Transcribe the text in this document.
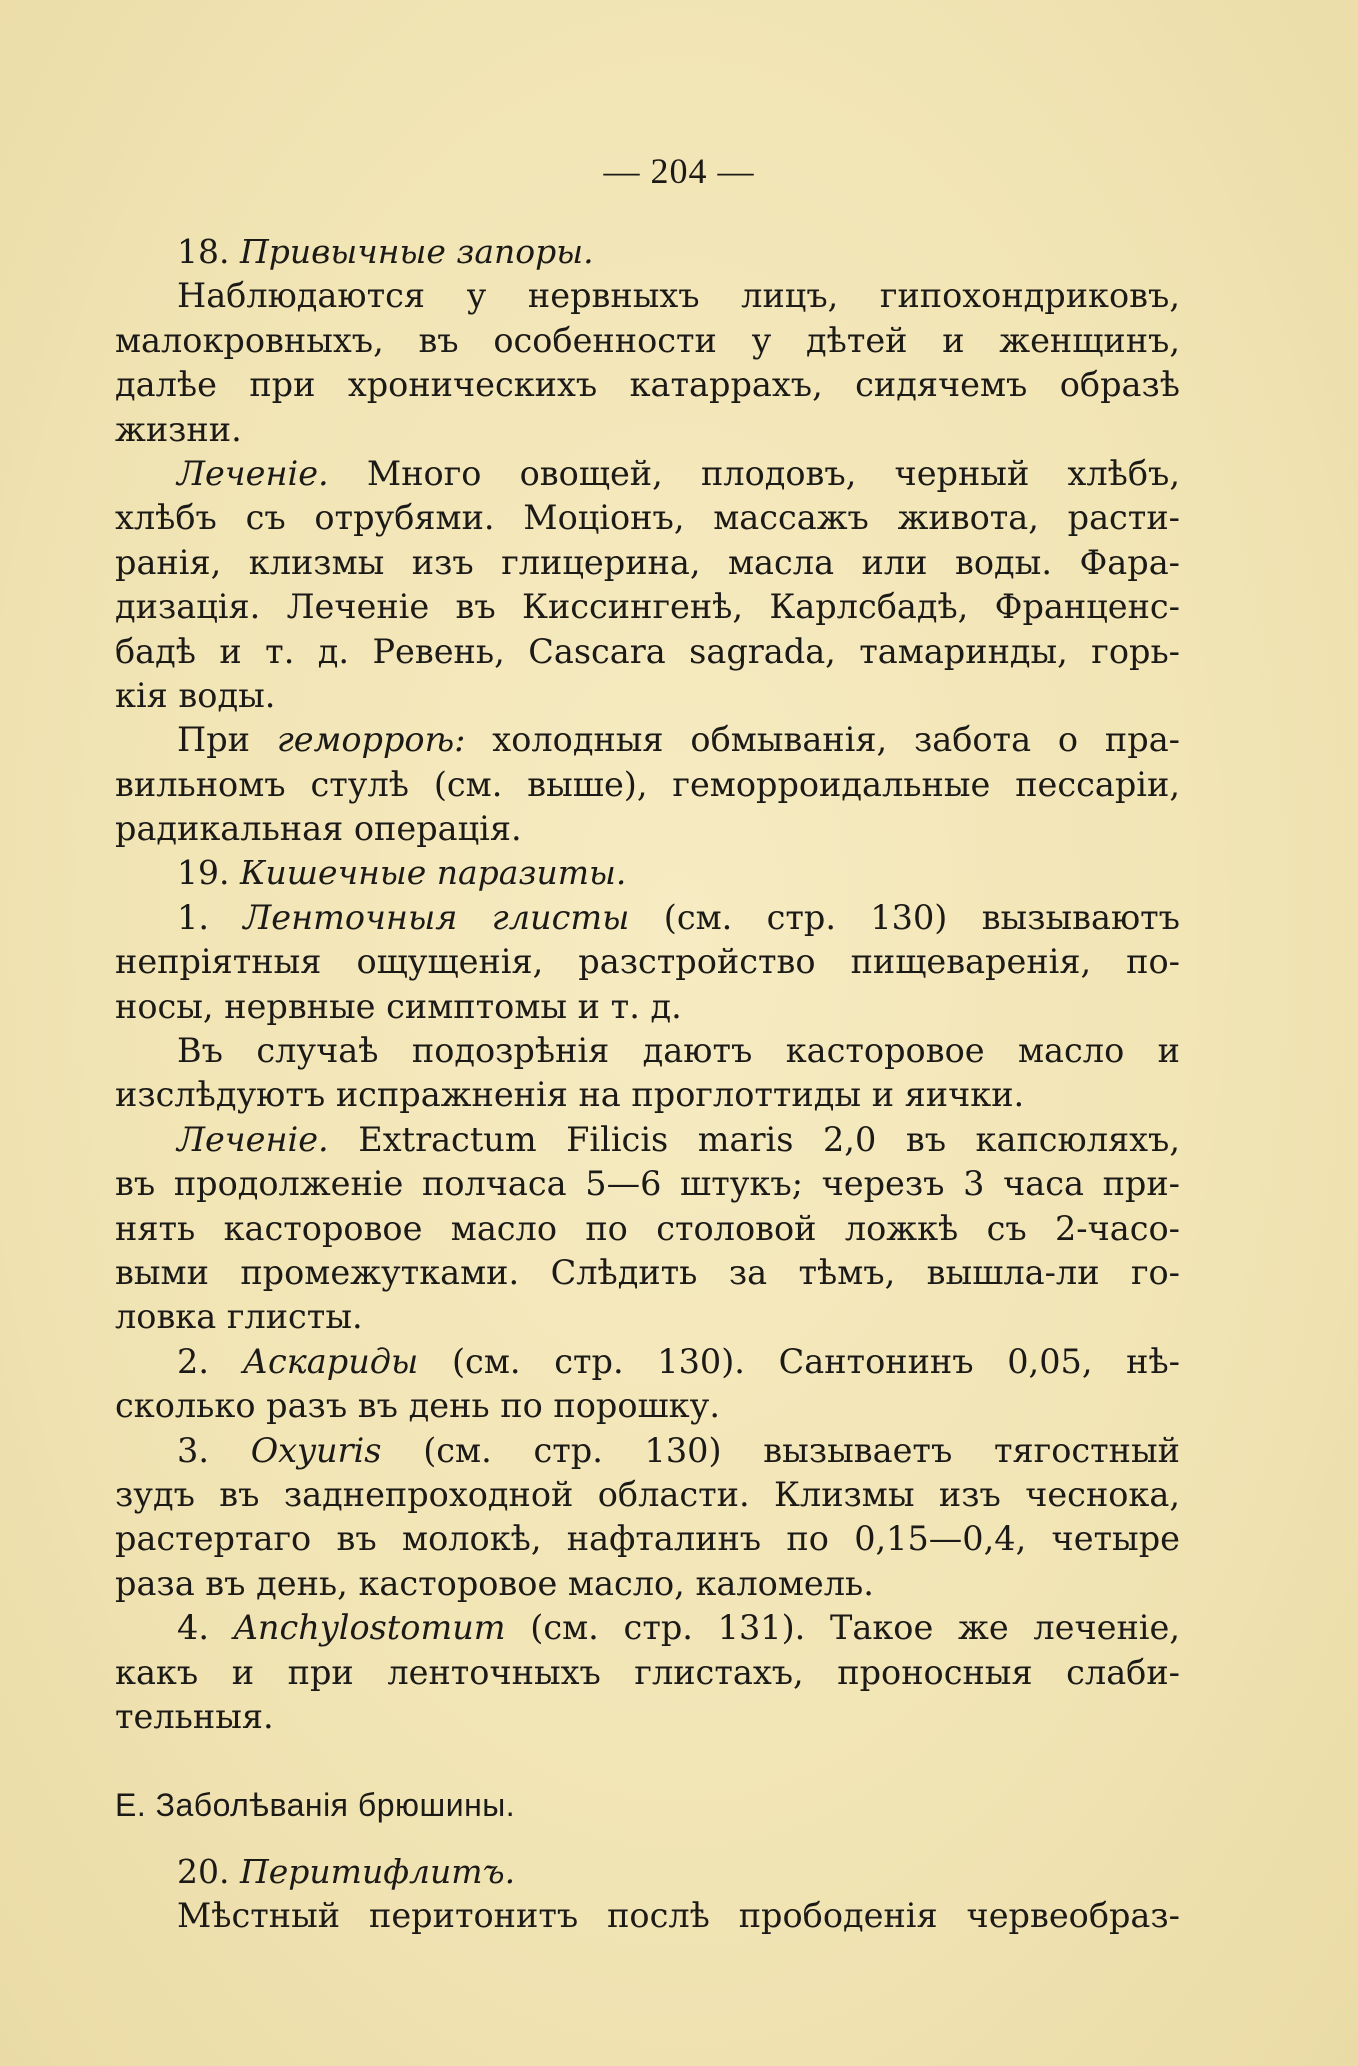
— 204 —
18. Привычные запоры.
Наблюдаются у нервныхъ лицъ, гипохондриковъ,
малокровныхъ, въ особенности у дѣтей и женщинъ,
далѣе при хроническихъ катаррахъ, сидячемъ образѣ
жизни.
Леченіе. Много овощей, плодовъ, черный хлѣбъ,
хлѣбъ съ отрубями. Моціонъ, массажъ живота, расти-
ранія, клизмы изъ глицерина, масла или воды. Фара-
дизація. Леченіе въ Киссингенѣ, Карлсбадѣ, Франценс-
бадѣ и т. д. Ревень, Cascara sagrada, тамаринды, горь-
кія воды.
При геморроѣ: холодныя обмыванія, забота о пра-
вильномъ стулѣ (см. выше), геморроидальные пессаріи,
радикальная операція.
19. Кишечные паразиты.
1. Ленточныя глисты (см. стр. 130) вызываютъ
непріятныя ощущенія, разстройство пищеваренія, по-
носы, нервные симптомы и т. д.
Въ случаѣ подозрѣнія даютъ касторовое масло и
изслѣдуютъ испражненія на проглоттиды и яички.
Леченіе. Extractum Filicis maris 2,0 въ капсюляхъ,
въ продолженіе полчаса 5—6 штукъ; черезъ 3 часа при-
нять касторовое масло по столовой ложкѣ съ 2-часо-
выми промежутками. Слѣдить за тѣмъ, вышла-ли го-
ловка глисты.
2. Аскариды (см. стр. 130). Сантонинъ 0,05, нѣ-
сколько разъ въ день по порошку.
3. Oxyuris (см. стр. 130) вызываетъ тягостный
зудъ въ заднепроходной области. Клизмы изъ чеснока,
растертаго въ молокѣ, нафталинъ по 0,15—0,4, четыре
раза въ день, касторовое масло, каломель.
4. Anchylostomum (см. стр. 131). Такое же леченіе,
какъ и при ленточныхъ глистахъ, проносныя слаби-
тельныя.
E. Заболѣванія брюшины.
20. Перитифлитъ.
Мѣстный перитонитъ послѣ прободенія червеобраз-
